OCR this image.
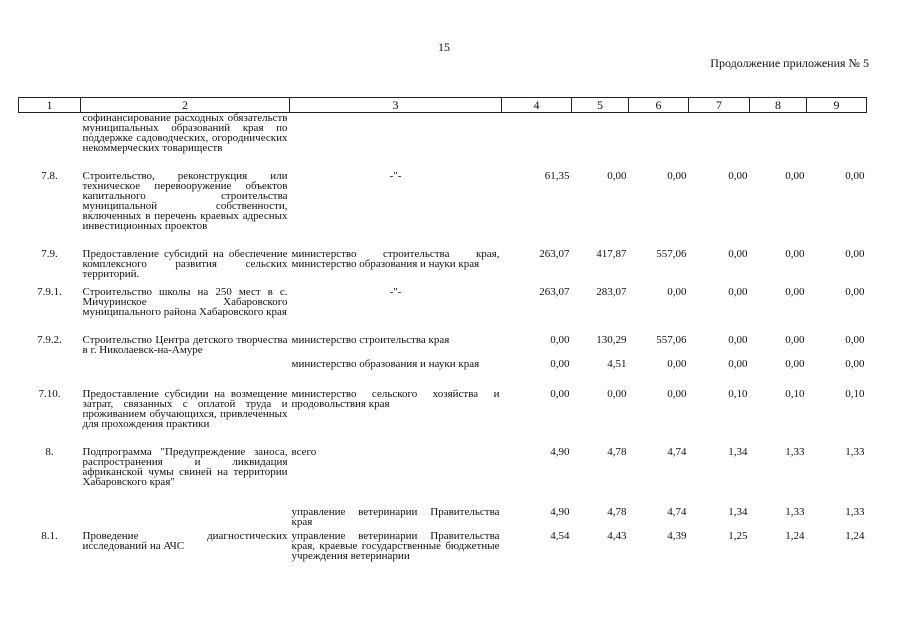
15
Продолжение приложения № 5
1	2	3	4	5	6	7	8	9
	софинансирование расходных обязательств муниципальных образований края по поддержке садоводческих, огороднических некоммерческих товариществ							
7.8.	Строительство, реконструкция или техническое перевооружение объектов капитального строительства муниципальной собственности, включенных в перечень краевых адресных инвестиционных проектов	-"-	61,35	0,00	0,00	0,00	0,00	0,00
7.9.	Предоставление субсидий на обеспечение комплексного развития сельских территорий.	министерство строительства края, министерство образования и науки края	263,07	417,87	557,06	0,00	0,00	0,00
7.9.1.	Строительство школы на 250 мест в с. Мичуринское Хабаровского муниципального района Хабаровского края	-"-	263,07	283,07	0,00	0,00	0,00	0,00
7.9.2.	Строительство Центра детского творчества в г. Николаевск-на-Амуре	министерство строительства края	0,00	130,29	557,06	0,00	0,00	0,00
		министерство образования и науки края	0,00	4,51	0,00	0,00	0,00	0,00
7.10.	Предоставление субсидии на возмещение затрат, связанных с оплатой труда и проживанием обучающихся, привлеченных для прохождения практики	министерство сельского хозяйства и продовольствия края	0,00	0,00	0,00	0,10	0,10	0,10
8.	Подпрограмма "Предупреждение заноса, распространения и ликвидация африканской чумы свиней на территории Хабаровского края"	всего	4,90	4,78	4,74	1,34	1,33	1,33
		управление ветеринарии Правительства края	4,90	4,78	4,74	1,34	1,33	1,33
8.1.	Проведение диагностических исследований на АЧС	управление ветеринарии Правительства края, краевые государственные бюджетные учреждения ветеринарии	4,54	4,43	4,39	1,25	1,24	1,24
